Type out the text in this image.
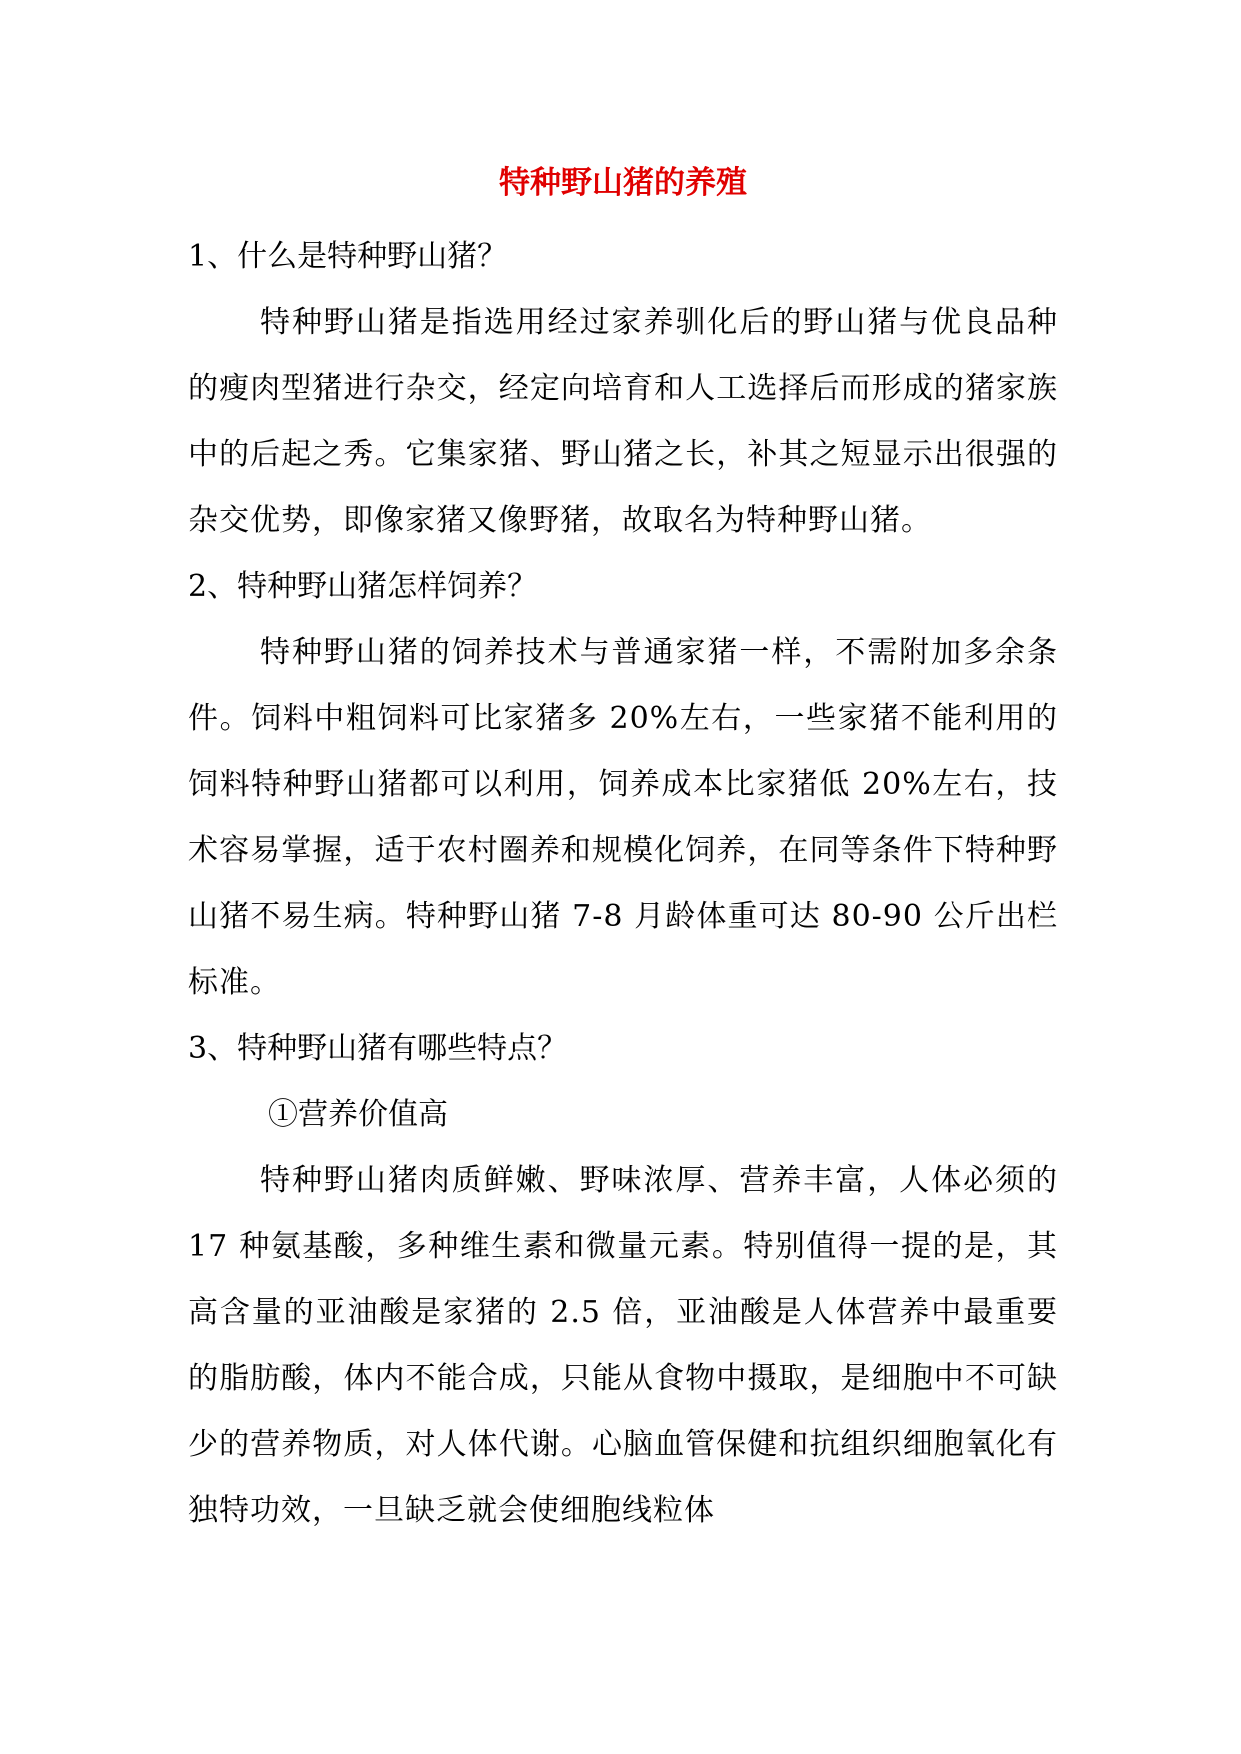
特种野山猪的养殖

1、什么是特种野山猪？

特种野山猪是指选用经过家养驯化后的野山猪与优良品种的瘦肉型猪进行杂交，经定向培育和人工选择后而形成的猪家族中的后起之秀。它集家猪、野山猪之长，补其之短显示出很强的杂交优势，即像家猪又像野猪，故取名为特种野山猪。

2、特种野山猪怎样饲养？

特种野山猪的饲养技术与普通家猪一样，不需附加多余条件。饲料中粗饲料可比家猪多 20%左右，一些家猪不能利用的饲料特种野山猪都可以利用，饲养成本比家猪低 20%左右，技术容易掌握，适于农村圈养和规模化饲养，在同等条件下特种野山猪不易生病。特种野山猪 7-8 月龄体重可达 80-90 公斤出栏标准。

3、特种野山猪有哪些特点？

①营养价值高

特种野山猪肉质鲜嫩、野味浓厚、营养丰富，人体必须的 17 种氨基酸，多种维生素和微量元素。特别值得一提的是，其高含量的亚油酸是家猪的 2.5 倍，亚油酸是人体营养中最重要的脂肪酸，体内不能合成，只能从食物中摄取，是细胞中不可缺少的营养物质，对人体代谢。心脑血管保健和抗组织细胞氧化有独特功效，一旦缺乏就会使细胞线粒体
